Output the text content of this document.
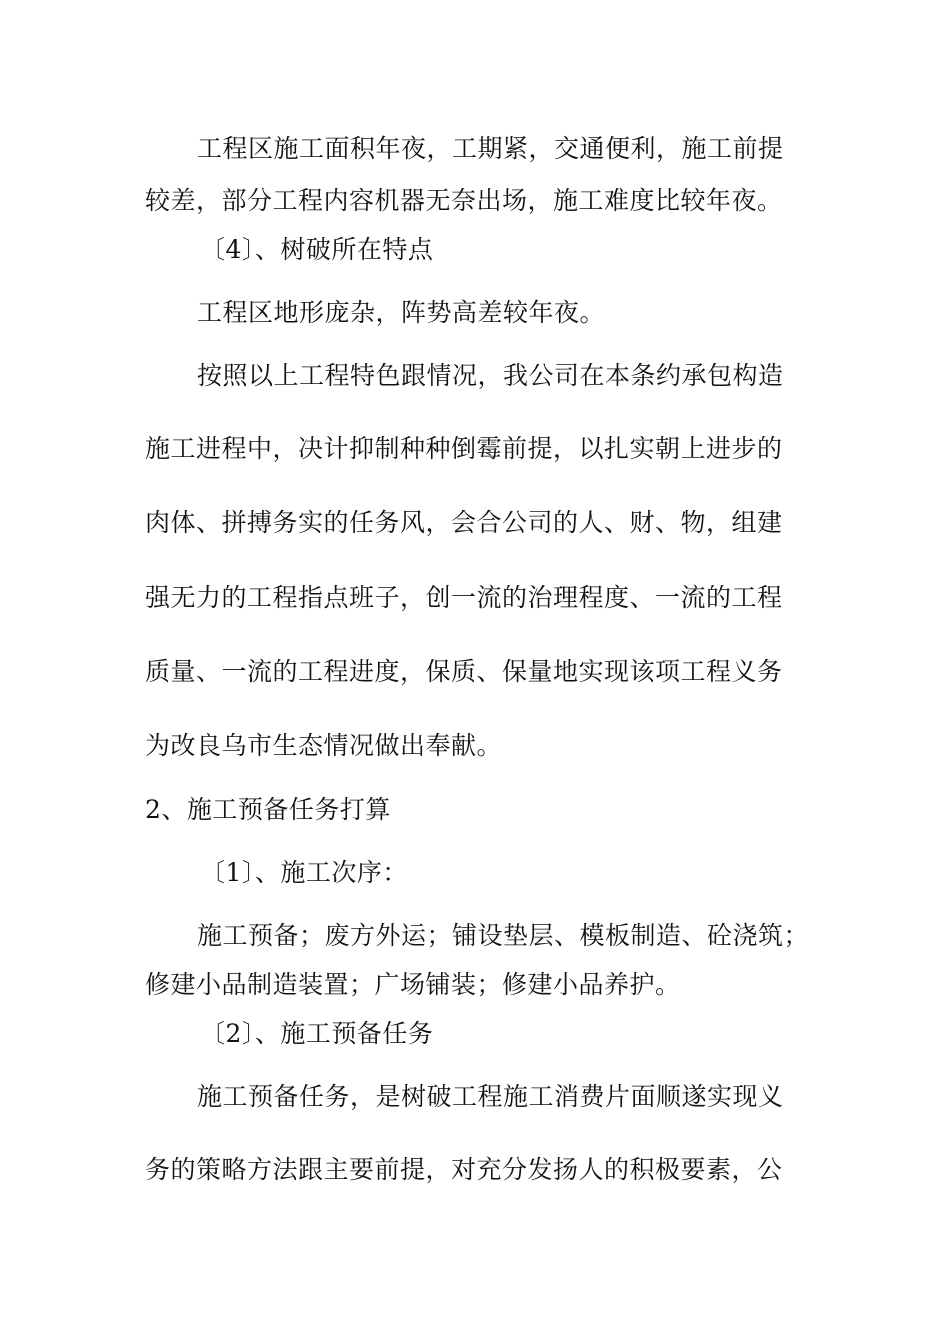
工程区施工面积年夜，工期紧，交通便利，施工前提
较差，部分工程内容机器无奈出场，施工难度比较年夜。
〔4〕、树破所在特点
工程区地形庞杂，阵势高差较年夜。
按照以上工程特色跟情况，我公司在本条约承包构造
施工进程中，决计抑制种种倒霉前提，以扎实朝上进步的
肉体、拼搏务实的任务风，会合公司的人、财、物，组建
强无力的工程指点班子，创一流的治理程度、一流的工程
质量、一流的工程进度，保质、保量地实现该项工程义务
为改良乌市生态情况做出奉献。
2、施工预备任务打算
〔1〕、施工次序：
施工预备；废方外运；铺设垫层、模板制造、砼浇筑；
修建小品制造装置；广场铺装；修建小品养护。
〔2〕、施工预备任务
施工预备任务，是树破工程施工消费片面顺遂实现义
务的策略方法跟主要前提，对充分发扬人的积极要素，公
